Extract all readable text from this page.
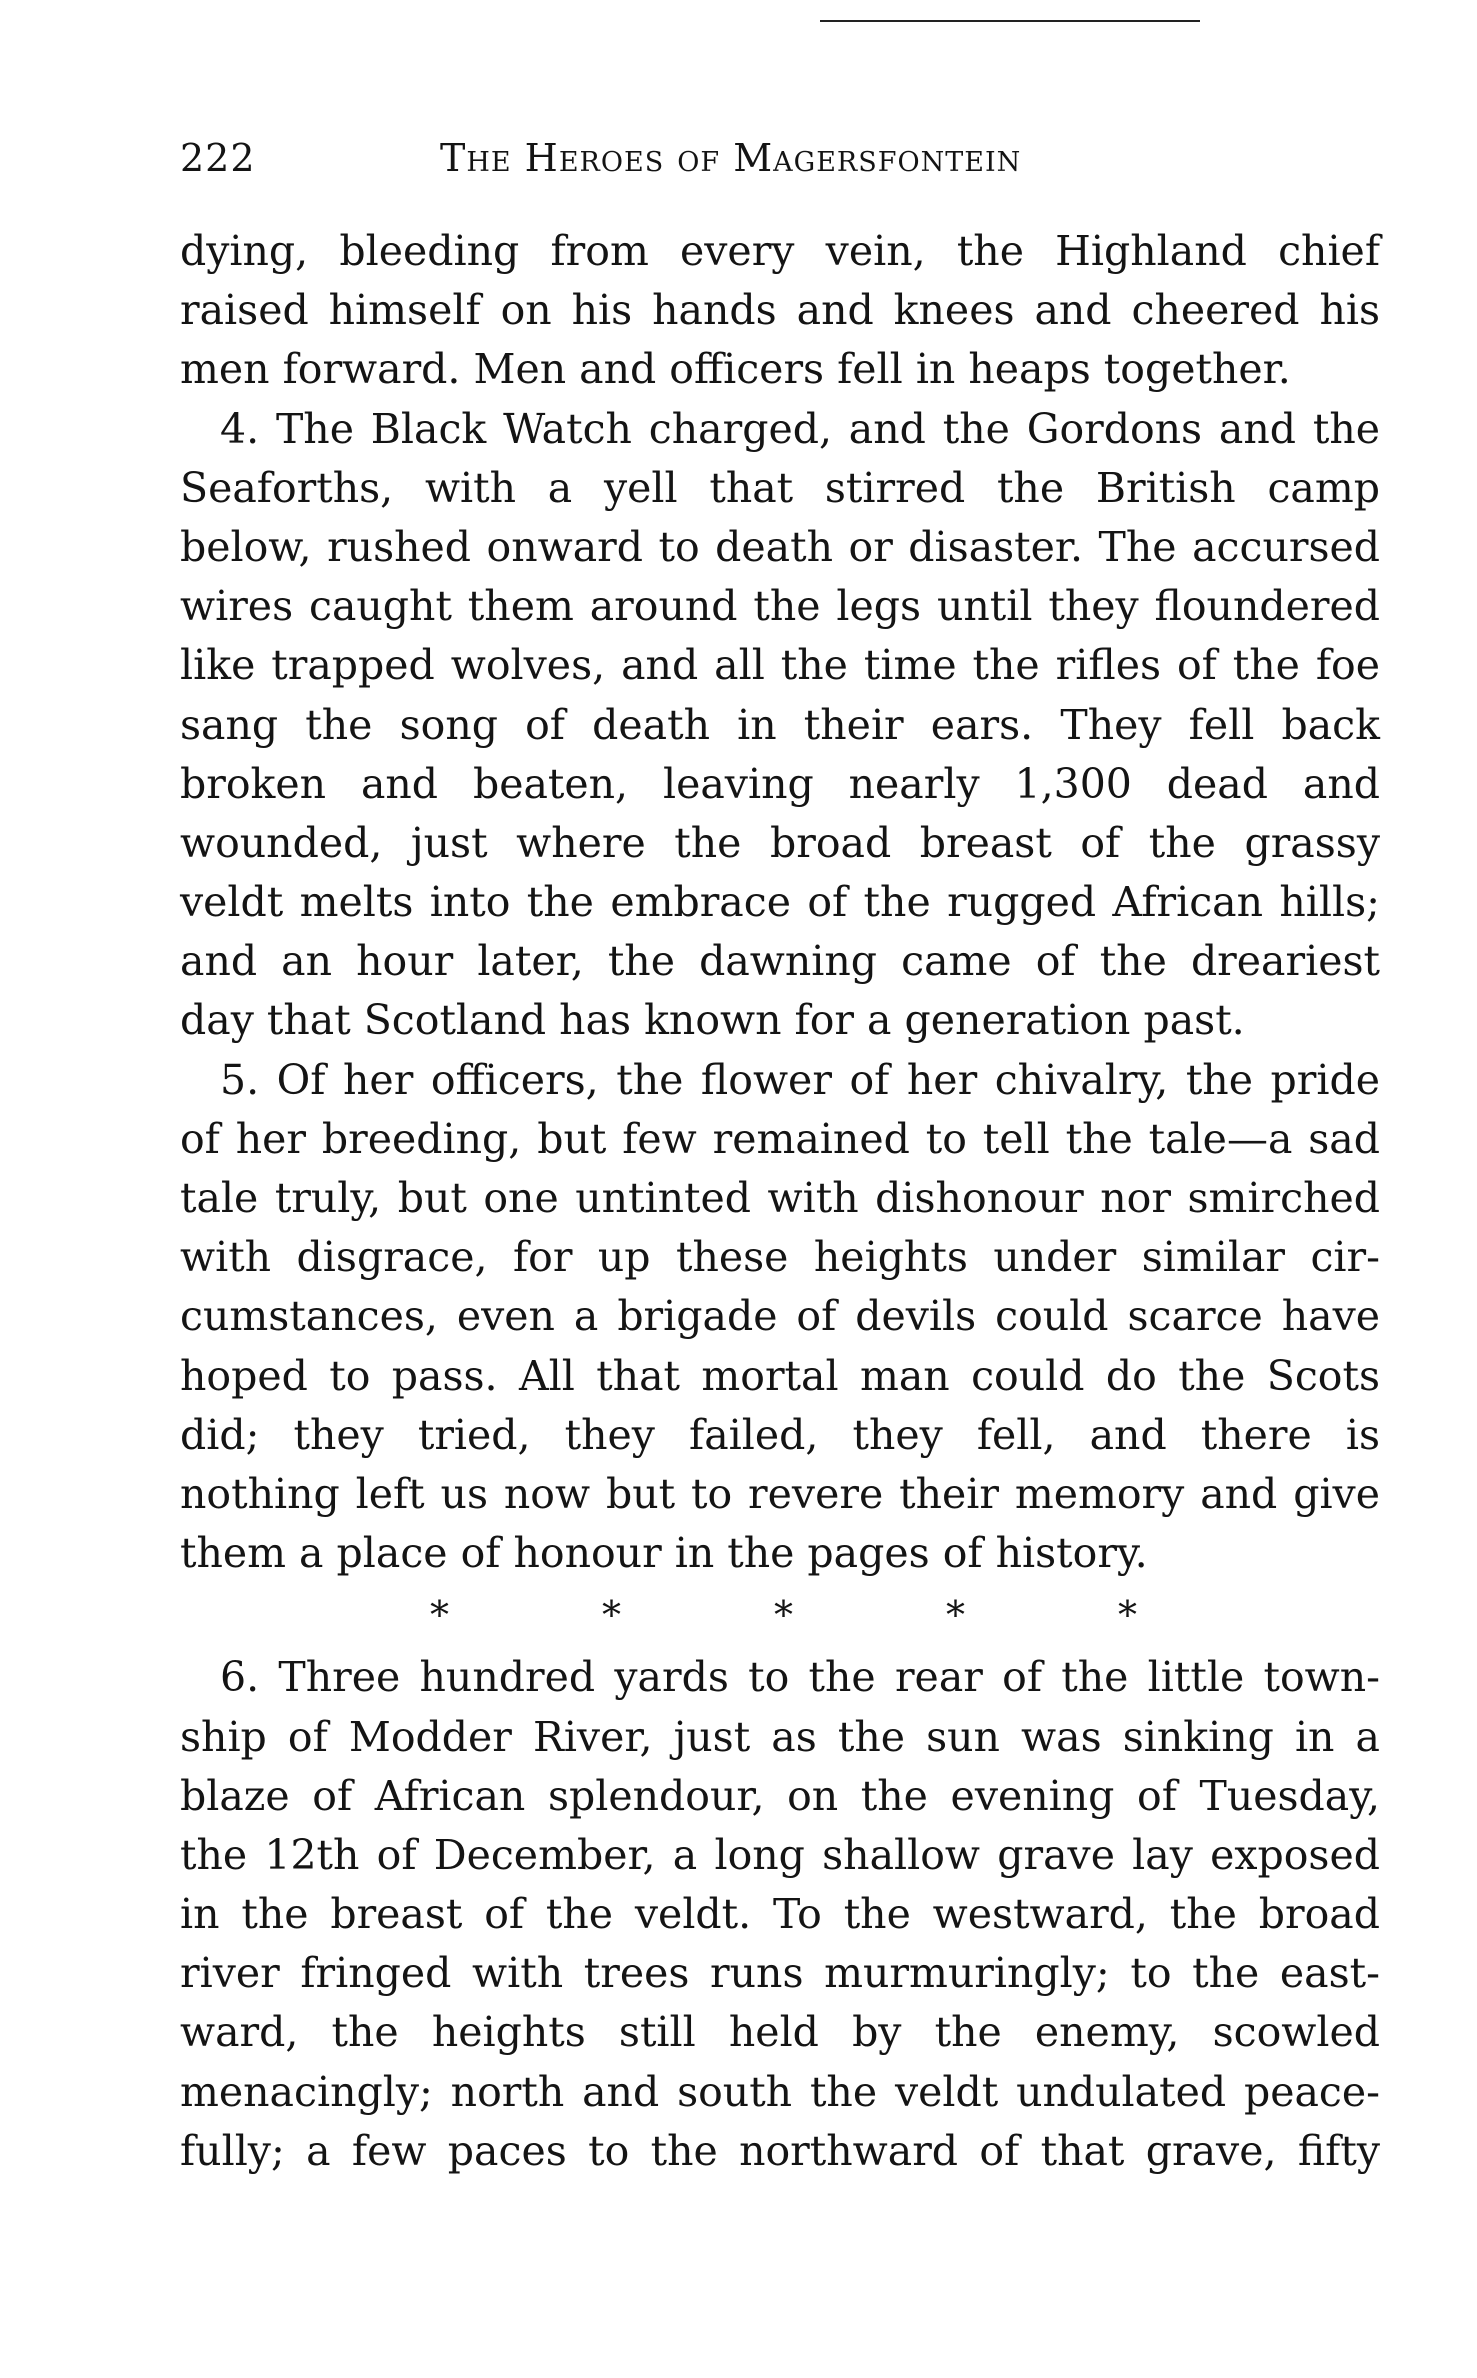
222	The Heroes of Magersfontein
dying, bleeding from every vein, the Highland chief
raised himself on his hands and knees and cheered his
men forward. Men and officers fell in heaps together.
4. The Black Watch charged, and the Gordons and the
Seaforths, with a yell that stirred the British camp
below, rushed onward to death or disaster. The accursed
wires caught them around the legs until they floundered
like trapped wolves, and all the time the rifles of the foe
sang the song of death in their ears. They fell back
broken and beaten, leaving nearly 1,300 dead and
wounded, just where the broad breast of the grassy
veldt melts into the embrace of the rugged African hills;
and an hour later, the dawning came of the dreariest
day that Scotland has known for a generation past.
5. Of her officers, the flower of her chivalry, the pride
of her breeding, but few remained to tell the tale—a sad
tale truly, but one untinted with dishonour nor smirched
with disgrace, for up these heights under similar cir-
cumstances, even a brigade of devils could scarce have
hoped to pass. All that mortal man could do the Scots
did; they tried, they failed, they fell, and there is
nothing left us now but to revere their memory and give
them a place of honour in the pages of history.
*	*	*	*	*
6. Three hundred yards to the rear of the little town-
ship of Modder River, just as the sun was sinking in a
blaze of African splendour, on the evening of Tuesday,
the 12th of December, a long shallow grave lay exposed
in the breast of the veldt. To the westward, the broad
river fringed with trees runs murmuringly; to the east-
ward, the heights still held by the enemy, scowled
menacingly; north and south the veldt undulated peace-
fully; a few paces to the northward of that grave, fifty
